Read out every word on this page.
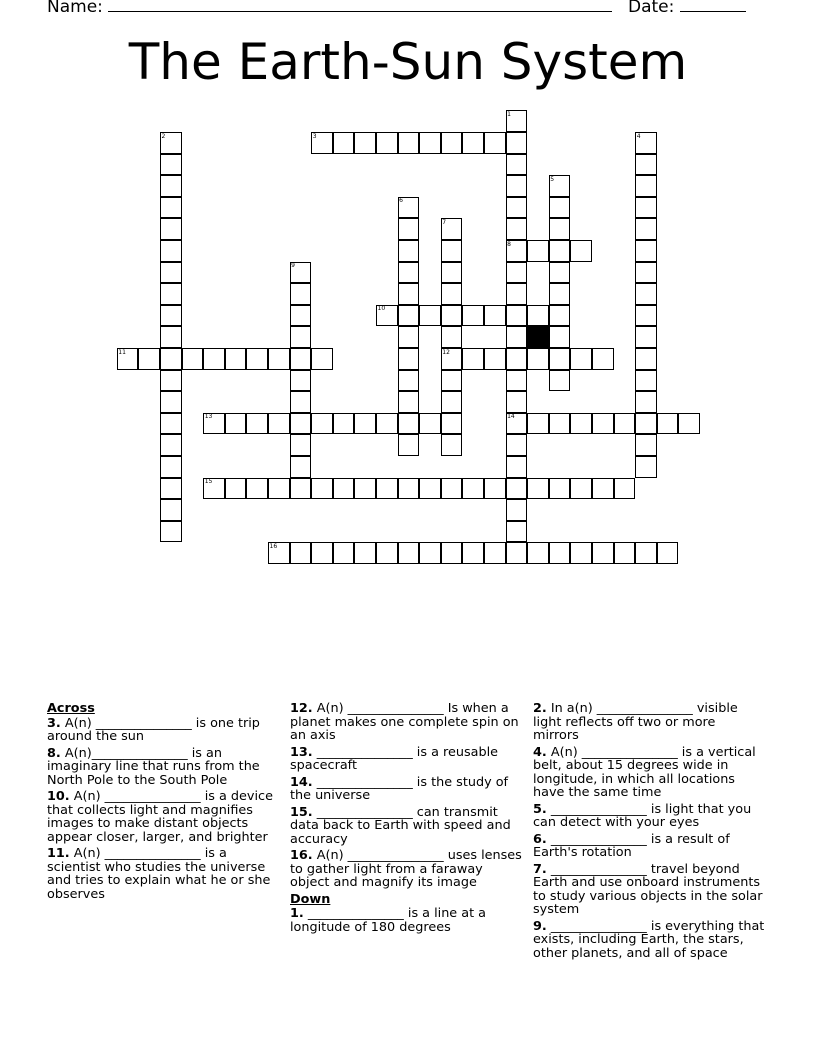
Name:	Date:
The Earth-Sun System
1
2	3	4
5
6
7
8
9
10
11	12
13	14
15
16
Across
3. A(n) _______________ is one trip around the sun
8. A(n)_______________ is an imaginary line that runs from the North Pole to the South Pole
10. A(n) _______________ is a device that collects light and magnifies images to make distant objects appear closer, larger, and brighter
11. A(n) _______________ is a scientist who studies the universe and tries to explain what he or she observes
12. A(n) _______________ Is when a planet makes one complete spin on an axis
13. _______________ is a reusable spacecraft
14. _______________ is the study of the universe
15. _______________ can transmit data back to Earth with speed and accuracy
16. A(n) _______________ uses lenses to gather light from a faraway object and magnify its image
Down
1. _______________ is a line at a longitude of 180 degrees
2. In a(n) _______________ visible light reflects off two or more mirrors
4. A(n) _______________ is a vertical belt, about 15 degrees wide in longitude, in which all locations have the same time
5. _______________ is light that you can detect with your eyes
6. _______________ is a result of Earth's rotation
7. _______________ travel beyond Earth and use onboard instruments to study various objects in the solar system
9. _______________ is everything that exists, including Earth, the stars, other planets, and all of space
